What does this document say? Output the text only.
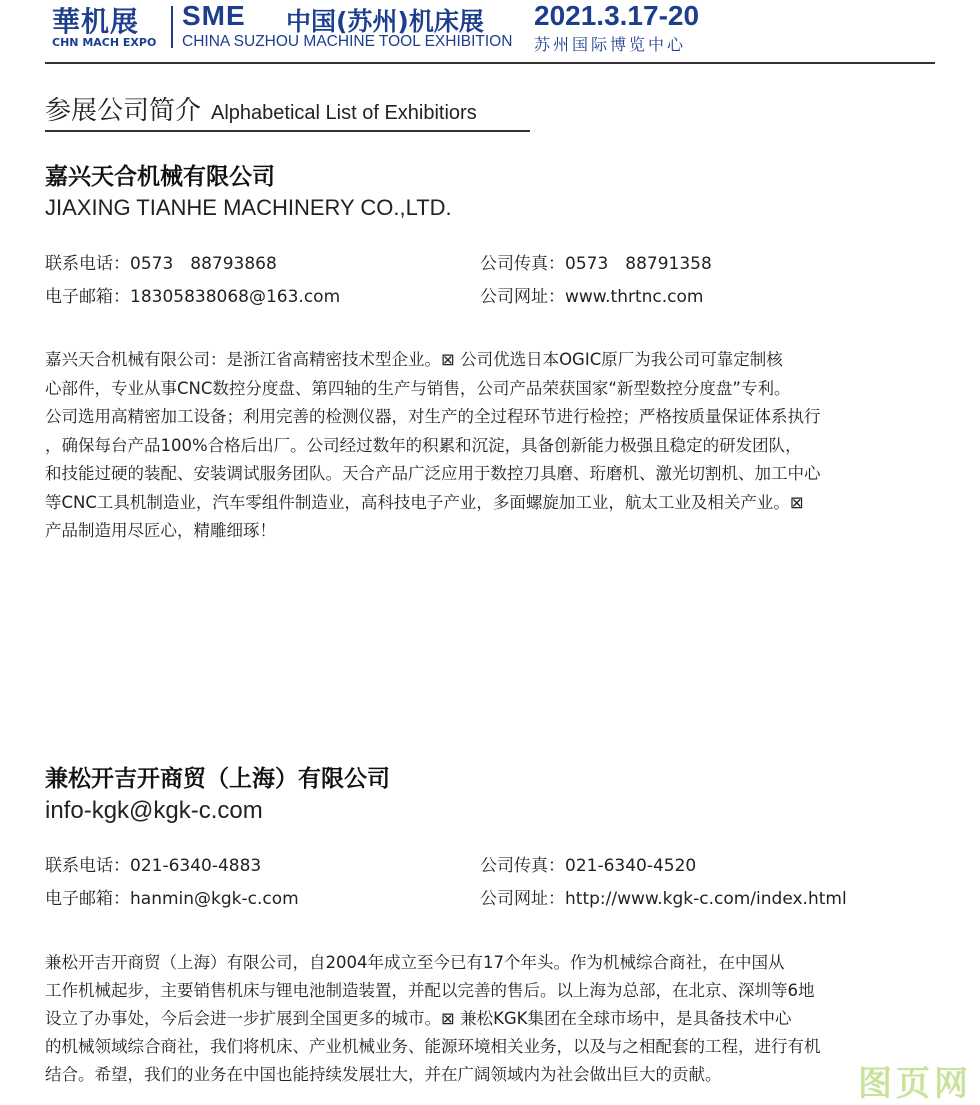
華机展
CHN MACH EXPO
SME 中国(苏州)机床展 2021.3.17-20
CHINA SUZHOU MACHINE TOOL EXHIBITION 苏州国际博览中心
参展公司简介 Alphabetical List of Exhibitiors
嘉兴天合机械有限公司
JIAXING TIANHE MACHINERY CO.,LTD.
联系电话：0573　88793868	公司传真：0573　88791358
电子邮箱：18305838068@163.com	公司网址：www.thrtnc.com
嘉兴天合机械有限公司：是浙江省高精密技术型企业。⊠ 公司优选日本OGIC原厂为我公司可靠定制核
心部件，专业从事CNC数控分度盘、第四轴的生产与销售，公司产品荣获国家“新型数控分度盘”专利。
公司选用高精密加工设备；利用完善的检测仪器，对生产的全过程环节进行检控；严格按质量保证体系执行
，确保每台产品100%合格后出厂。公司经过数年的积累和沉淀，具备创新能力极强且稳定的研发团队，
和技能过硬的装配、安装调试服务团队。天合产品广泛应用于数控刀具磨、珩磨机、激光切割机、加工中心
等CNC工具机制造业，汽车零组件制造业，高科技电子产业，多面螺旋加工业，航太工业及相关产业。⊠
产品制造用尽匠心，精雕细琢！
兼松开吉开商贸（上海）有限公司
info-kgk@kgk-c.com
联系电话：021-6340-4883	公司传真：021-6340-4520
电子邮箱：hanmin@kgk-c.com	公司网址：http://www.kgk-c.com/index.html
兼松开吉开商贸（上海）有限公司，自2004年成立至今已有17个年头。作为机械综合商社，在中国从
工作机械起步，主要销售机床与锂电池制造装置，并配以完善的售后。以上海为总部，在北京、深圳等6地
设立了办事处，今后会进一步扩展到全国更多的城市。⊠ 兼松KGK集团在全球市场中，是具备技术中心
的机械领域综合商社，我们将机床、产业机械业务、能源环境相关业务，以及与之相配套的工程，进行有机
结合。希望，我们的业务在中国也能持续发展壮大，并在广阔领域内为社会做出巨大的贡献。	图页网
